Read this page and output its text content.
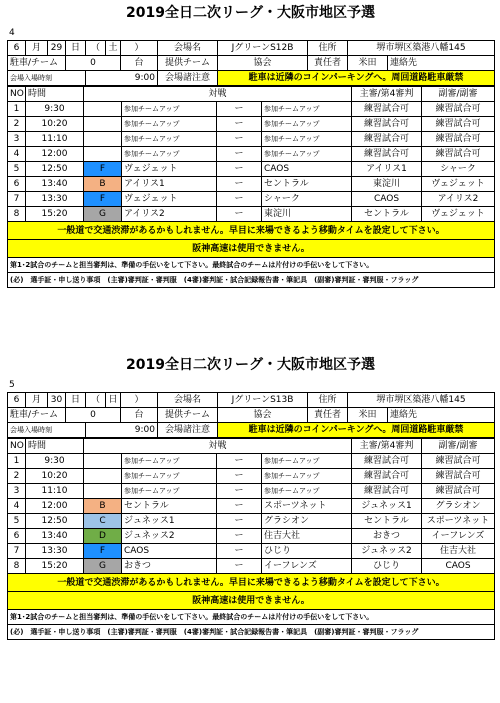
2019全日二次リーグ・大阪市地区予選
4
6	月	29	日	（	土	）	会場名	JグリーンS12B	住所	堺市堺区築港八幡145	
駐車/チーム			0			台	提供チーム	協会	責任者	米田	連絡先
会場入場時刻				9:00			会場諸注意	駐車は近隣のコインパーキングへ。周回道路駐車厳禁			
NO	時間	対戦				主審/第4審判	副審/副審
1	9:30		参加チームアップ	ー	参加チームアップ	練習試合可	練習試合可
2	10:20		参加チームアップ	ー	参加チームアップ	練習試合可	練習試合可
3	11:10		参加チームアップ	ー	参加チームアップ	練習試合可	練習試合可
4	12:00		参加チームアップ	ー	参加チームアップ	練習試合可	練習試合可
5	12:50	F	ヴェジェット	ー	CAOS	アイリス1	シャーク
6	13:40	B	アイリス1	ー	セントラル	東淀川	ヴェジェット
7	13:30	F	ヴェジェット	ー	シャーク	CAOS	アイリス2
8	15:20	G	アイリス2	ー	東淀川	セントラル	ヴェジェット
一般道で交通渋滞があるかもしれません。早目に来場できるよう移動タイムを設定して下さい。							
阪神高速は使用できません。							
第1･2試合のチームと担当審判は、準備の手伝いをして下さい。最終試合のチームは片付けの手伝いをして下さい。							
(必)　選手証・申し送り事項　(主審)審判証・審判服　(4審)審判証・試合記録報告書・筆記具　(副審)審判証・審判服・フラッグ							
2019全日二次リーグ・大阪市地区予選
5
6	月	30	日	（	日	）	会場名	JグリーンS13B	住所	堺市堺区築港八幡145	
駐車/チーム			0			台	提供チーム	協会	責任者	米田	連絡先
会場入場時刻				9:00			会場諸注意	駐車は近隣のコインパーキングへ。周回道路駐車厳禁			
NO	時間	対戦				主審/第4審判	副審/副審
1	9:30		参加チームアップ	ー	参加チームアップ	練習試合可	練習試合可
2	10:20		参加チームアップ	ー	参加チームアップ	練習試合可	練習試合可
3	11:10		参加チームアップ	ー	参加チームアップ	練習試合可	練習試合可
4	12:00	B	セントラル	ー	スポーツネット	ジュネッス1	グラシオン
5	12:50	C	ジュネッス1	ー	グラシオン	セントラル	スポーツネット
6	13:40	D	ジュネッス2	ー	住吉大社	おきつ	イーフレンズ
7	13:30	F	CAOS	ー	ひじり	ジュネッス2	住吉大社
8	15:20	G	おきつ	ー	イーフレンズ	ひじり	CAOS
一般道で交通渋滞があるかもしれません。早目に来場できるよう移動タイムを設定して下さい。							
阪神高速は使用できません。							
第1･2試合のチームと担当審判は、準備の手伝いをして下さい。最終試合のチームは片付けの手伝いをして下さい。							
(必)　選手証・申し送り事項　(主審)審判証・審判服　(4審)審判証・試合記録報告書・筆記具　(副審)審判証・審判服・フラッグ							
